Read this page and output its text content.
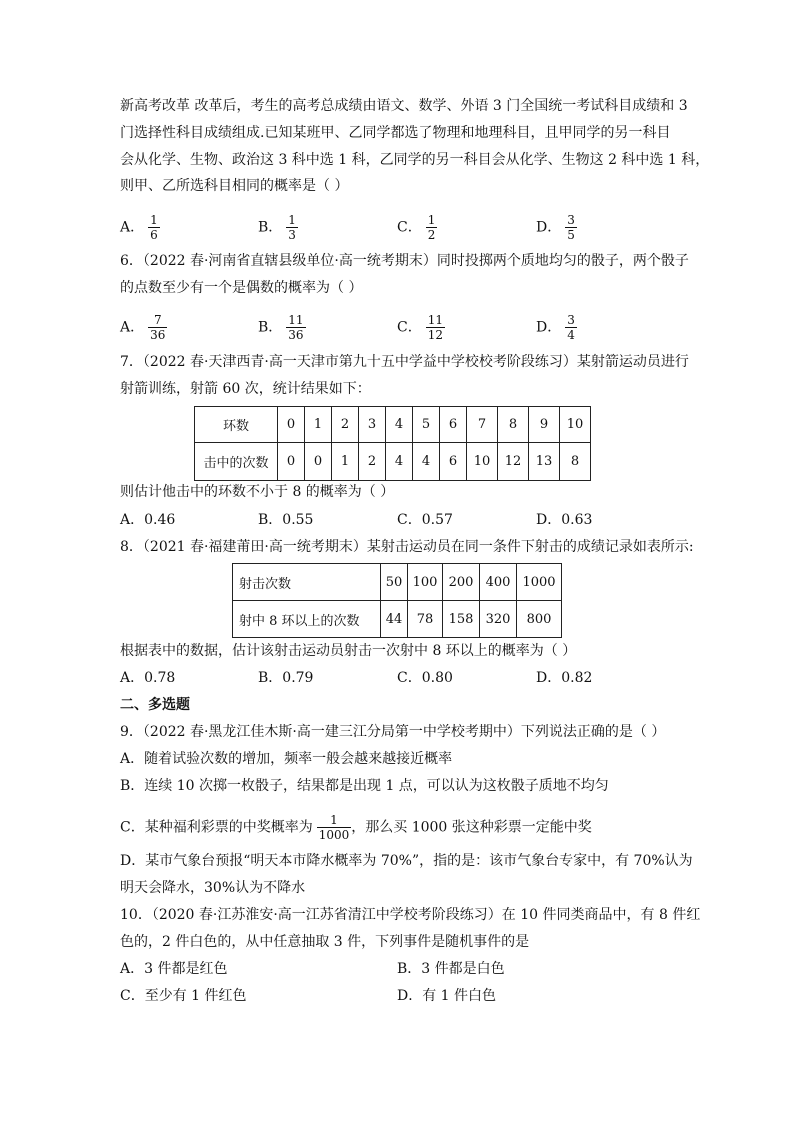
新高考改革 改革后，考生的高考总成绩由语文、数学、外语 3 门全国统一考试科目成绩和 3
门选择性科目成绩组成.已知某班甲、乙同学都选了物理和地理科目，且甲同学的另一科目
会从化学、生物、政治这 3 科中选 1 科，乙同学的另一科目会从化学、生物这 2 科中选 1 科，
则甲、乙所选科目相同的概率是（ ）
A． $\frac{1}{6}$	B． $\frac{1}{3}$	C． $\frac{1}{2}$	D． $\frac{3}{5}$
6．（2022 春·河南省直辖县级单位·高一统考期末）同时投掷两个质地均匀的骰子，两个骰子
的点数至少有一个是偶数的概率为（ ）
A． $\frac{7}{36}$	B． $\frac{11}{36}$	C． $\frac{11}{12}$	D． $\frac{3}{4}$
7．（2022 春·天津西青·高一天津市第九十五中学益中学校校考阶段练习）某射箭运动员进行
射箭训练，射箭 60 次，统计结果如下：
环数	0	1	2	3	4	5	6	7	8	9	10
击中的次数	0	0	1	2	4	4	6	10	12	13	8
则估计他击中的环数不小于 8 的概率为（ ）
A．0.46	B．0.55	C．0.57	D．0.63
8．（2021 春·福建莆田·高一统考期末）某射击运动员在同一条件下射击的成绩记录如表所示:
射击次数	50	100	200	400	1000
射中 8 环以上的次数	44	78	158	320	800
根据表中的数据，估计该射击运动员射击一次射中 8 环以上的概率为（ ）
A．0.78	B．0.79	C．0.80	D．0.82
二、多选题
9．（2022 春·黑龙江佳木斯·高一建三江分局第一中学校考期中）下列说法正确的是（ ）
A．随着试验次数的增加，频率一般会越来越接近概率
B．连续 10 次掷一枚骰子，结果都是出现 1 点，可以认为这枚骰子质地不均匀
C．某种福利彩票的中奖概率为 $\frac{1}{1000}$ ，那么买 1000 张这种彩票一定能中奖
D．某市气象台预报“明天本市降水概率为 70%”，指的是：该市气象台专家中，有 70%认为
明天会降水，30%认为不降水
10．（2020 春·江苏淮安·高一江苏省清江中学校考阶段练习）在 10 件同类商品中，有 8 件红
色的，2 件白色的，从中任意抽取 3 件，下列事件是随机事件的是
A．3 件都是红色	B．3 件都是白色
C．至少有 1 件红色	D．有 1 件白色
